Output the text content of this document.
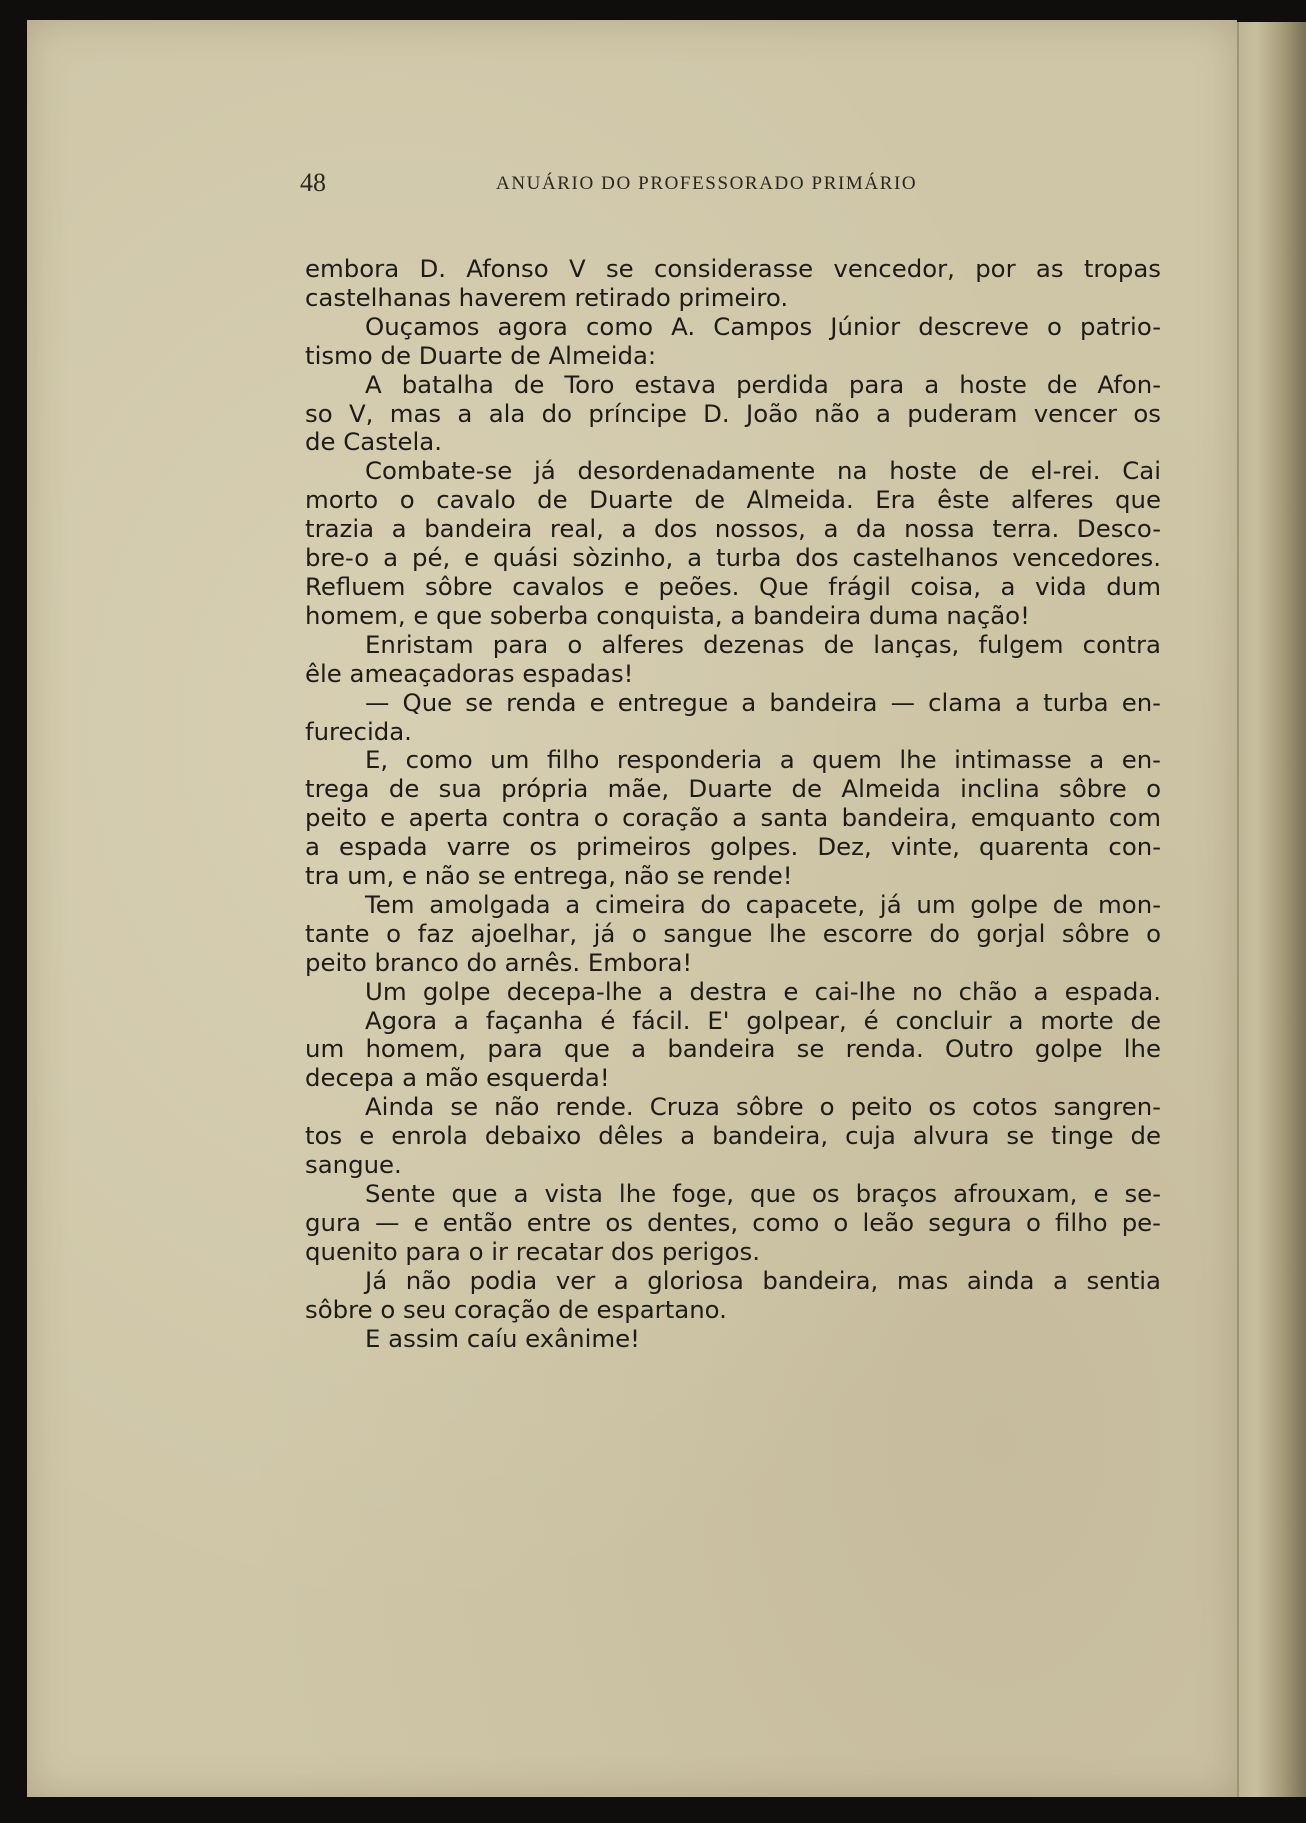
48	ANUÁRIO DO PROFESSORADO PRIMÁRIO
embora D. Afonso V se considerasse vencedor, por as tropas
castelhanas haverem retirado primeiro.
Ouçamos agora como A. Campos Júnior descreve o patrio-
tismo de Duarte de Almeida:
A batalha de Toro estava perdida para a hoste de Afon-
so V, mas a ala do príncipe D. João não a puderam vencer os
de Castela.
Combate-se já desordenadamente na hoste de el-rei. Cai
morto o cavalo de Duarte de Almeida. Era êste alferes que
trazia a bandeira real, a dos nossos, a da nossa terra. Desco-
bre-o a pé, e quási sòzinho, a turba dos castelhanos vencedores.
Refluem sôbre cavalos e peões. Que frágil coisa, a vida dum
homem, e que soberba conquista, a bandeira duma nação!
Enristam para o alferes dezenas de lanças, fulgem contra
êle ameaçadoras espadas!
— Que se renda e entregue a bandeira — clama a turba en-
furecida.
E, como um filho responderia a quem lhe intimasse a en-
trega de sua própria mãe, Duarte de Almeida inclina sôbre o
peito e aperta contra o coração a santa bandeira, emquanto com
a espada varre os primeiros golpes. Dez, vinte, quarenta con-
tra um, e não se entrega, não se rende!
Tem amolgada a cimeira do capacete, já um golpe de mon-
tante o faz ajoelhar, já o sangue lhe escorre do gorjal sôbre o
peito branco do arnês. Embora!
Um golpe decepa-lhe a destra e cai-lhe no chão a espada.
Agora a façanha é fácil. E' golpear, é concluir a morte de
um homem, para que a bandeira se renda. Outro golpe lhe
decepa a mão esquerda!
Ainda se não rende. Cruza sôbre o peito os cotos sangren-
tos e enrola debaixo dêles a bandeira, cuja alvura se tinge de
sangue.
Sente que a vista lhe foge, que os braços afrouxam, e se-
gura — e então entre os dentes, como o leão segura o filho pe-
quenito para o ir recatar dos perigos.
Já não podia ver a gloriosa bandeira, mas ainda a sentia
sôbre o seu coração de espartano.
E assim caíu exânime!
